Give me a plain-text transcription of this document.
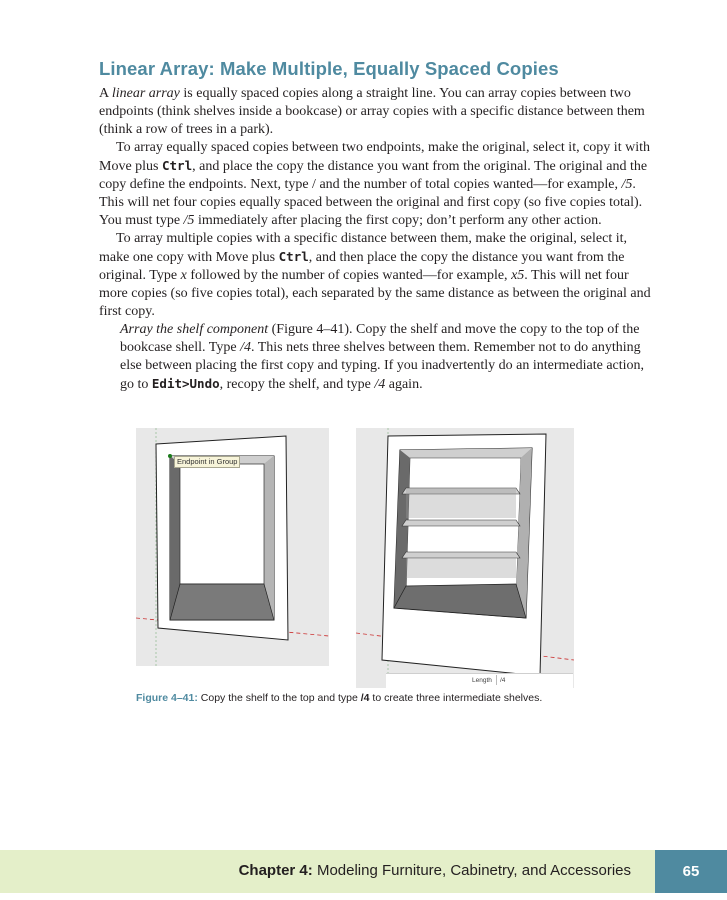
Linear Array: Make Multiple, Equally Spaced Copies

A linear array is equally spaced copies along a straight line. You can array copies between two endpoints (think shelves inside a bookcase) or array copies with a specific distance between them (think a row of trees in a park).

To array equally spaced copies between two endpoints, make the original, select it, copy it with Move plus Ctrl, and place the copy the distance you want from the original. The original and the copy define the endpoints. Next, type / and the number of total copies wanted—for example, /5. This will net four copies equally spaced between the original and first copy (so five copies total). You must type /5 immediately after placing the first copy; don’t perform any other action.

To array multiple copies with a specific distance between them, make the original, select it, make one copy with Move plus Ctrl, and then place the copy the distance you want from the original. Type x followed by the number of copies wanted—for example, x5. This will net four more copies (so five copies total), each separated by the same distance as between the original and first copy.

Array the shelf component (Figure 4–41). Copy the shelf and move the copy to the top of the bookcase shell. Type /4. This nets three shelves between them. Remember not to do anything else between placing the first copy and typing. If you inadvertently do an intermediate action, go to Edit>Undo, recopy the shelf, and type /4 again.

Endpoint in Group
Length /4
Figure 4–41: Copy the shelf to the top and type /4 to create three intermediate shelves.
Chapter 4: Modeling Furniture, Cabinetry, and Accessories	65
